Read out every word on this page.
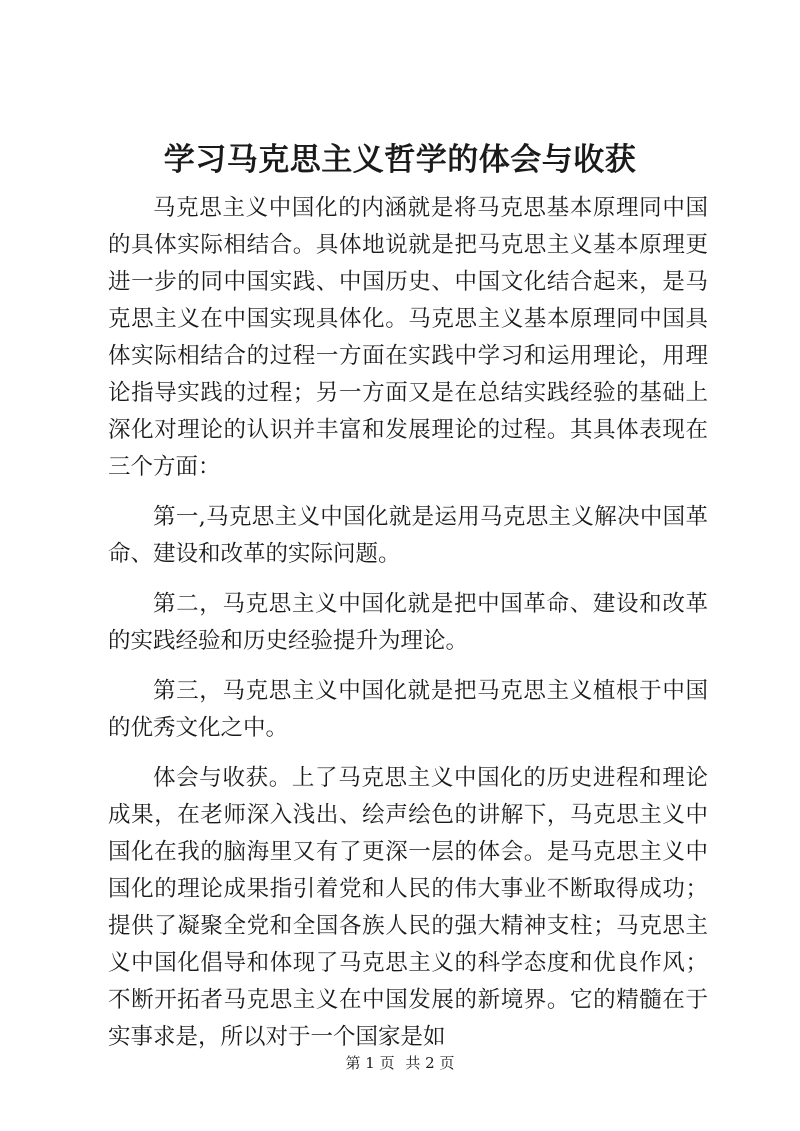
学习马克思主义哲学的体会与收获

马克思主义中国化的内涵就是将马克思基本原理同中国的具体实际相结合。具体地说就是把马克思主义基本原理更进一步的同中国实践、中国历史、中国文化结合起来，是马克思主义在中国实现具体化。马克思主义基本原理同中国具体实际相结合的过程一方面在实践中学习和运用理论，用理论指导实践的过程；另一方面又是在总结实践经验的基础上深化对理论的认识并丰富和发展理论的过程。其具体表现在三个方面：

第一,马克思主义中国化就是运用马克思主义解决中国革命、建设和改革的实际问题。

第二，马克思主义中国化就是把中国革命、建设和改革的实践经验和历史经验提升为理论。

第三，马克思主义中国化就是把马克思主义植根于中国的优秀文化之中。

体会与收获。上了马克思主义中国化的历史进程和理论成果，在老师深入浅出、绘声绘色的讲解下，马克思主义中国化在我的脑海里又有了更深一层的体会。是马克思主义中国化的理论成果指引着党和人民的伟大事业不断取得成功；提供了凝聚全党和全国各族人民的强大精神支柱；马克思主义中国化倡导和体现了马克思主义的科学态度和优良作风；不断开拓者马克思主义在中国发展的新境界。它的精髓在于实事求是，所以对于一个国家是如

第 1 页 共 2 页
